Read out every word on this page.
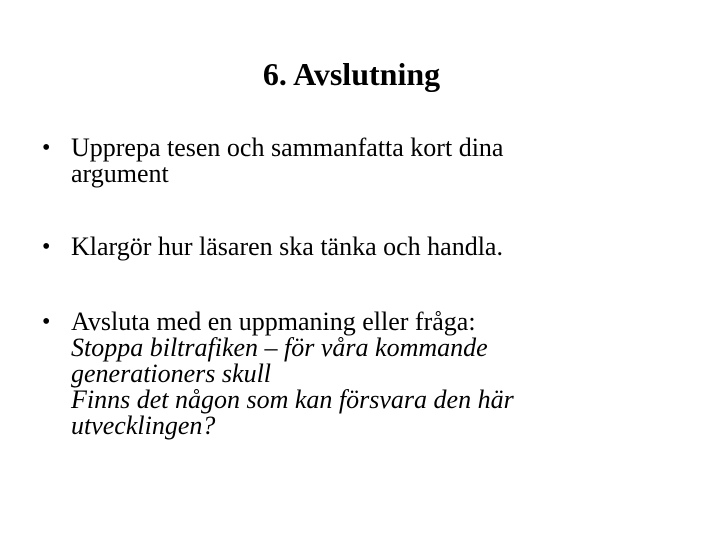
6. Avslutning
• Upprepa tesen och sammanfatta kort dina
argument
• Klargör hur läsaren ska tänka och handla.
• Avsluta med en uppmaning eller fråga:
Stoppa biltrafiken – för våra kommande
generationers skull
Finns det någon som kan försvara den här
utvecklingen?
